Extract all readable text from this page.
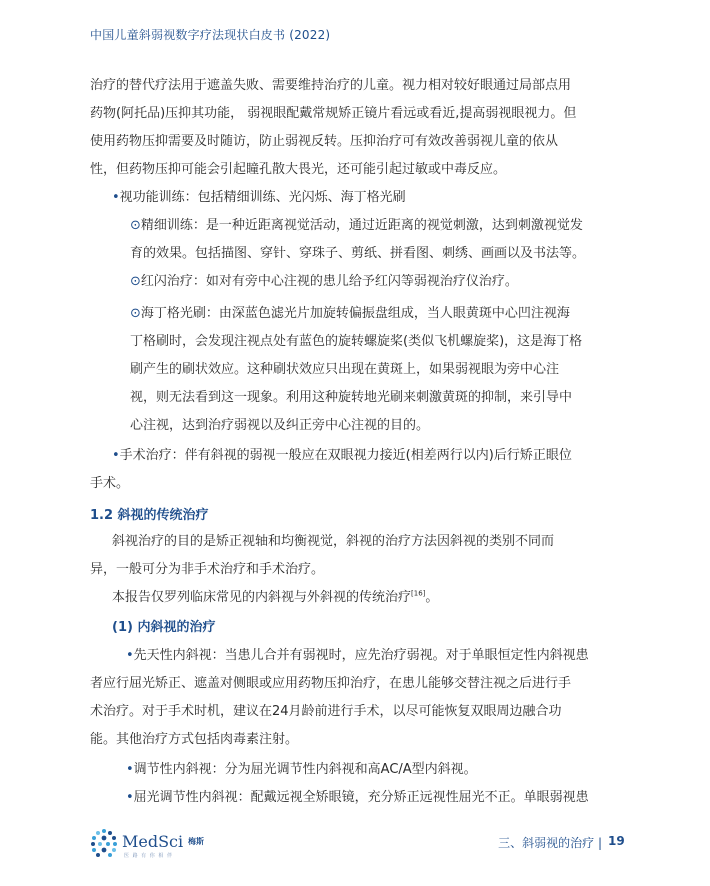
中国儿童斜弱视数字疗法现状白皮书 (2022)
治疗的替代疗法用于遮盖失败、需要维持治疗的儿童。视力相对较好眼通过局部点用
药物(阿托品)压抑其功能， 弱视眼配戴常规矫正镜片看远或看近,提高弱视眼视力。但
使用药物压抑需要及时随访，防止弱视反转。压抑治疗可有效改善弱视儿童的依从
性，但药物压抑可能会引起瞳孔散大畏光，还可能引起过敏或中毒反应。
•视功能训练：包括精细训练、光闪烁、海丁格光刷
⊙精细训练：是一种近距离视觉活动，通过近距离的视觉刺激，达到刺激视觉发
育的效果。包括描图、穿针、穿珠子、剪纸、拼看图、刺绣、画画以及书法等。
⊙红闪治疗：如对有旁中心注视的患儿给予红闪等弱视治疗仪治疗。
⊙海丁格光刷：由深蓝色滤光片加旋转偏振盘组成，当人眼黄斑中心凹注视海
丁格刷时，会发现注视点处有蓝色的旋转螺旋桨(类似飞机螺旋桨)，这是海丁格
刷产生的刷状效应。这种刷状效应只出现在黄斑上，如果弱视眼为旁中心注
视，则无法看到这一现象。利用这种旋转地光刷来刺激黄斑的抑制，来引导中
心注视，达到治疗弱视以及纠正旁中心注视的目的。
•手术治疗：伴有斜视的弱视一般应在双眼视力接近(相差两行以内)后行矫正眼位
手术。
1.2 斜视的传统治疗
斜视治疗的目的是矫正视轴和均衡视觉，斜视的治疗方法因斜视的类别不同而
异，一般可分为非手术治疗和手术治疗。
本报告仅罗列临床常见的内斜视与外斜视的传统治疗[16]。
(1) 内斜视的治疗
•先天性内斜视：当患儿合并有弱视时，应先治疗弱视。对于单眼恒定性内斜视患
者应行屈光矫正、遮盖对侧眼或应用药物压抑治疗，在患儿能够交替注视之后进行手
术治疗。对于手术时机，建议在24月龄前进行手术，以尽可能恢复双眼周边融合功
能。其他治疗方式包括肉毒素注射。
•调节性内斜视：分为屈光调节性内斜视和高AC/A型内斜视。
•屈光调节性内斜视：配戴远视全矫眼镜，充分矫正远视性屈光不正。单眼弱视患
MedSci 梅斯
医 路 有 你 相 伴
三、斜弱视的治疗 | 19
